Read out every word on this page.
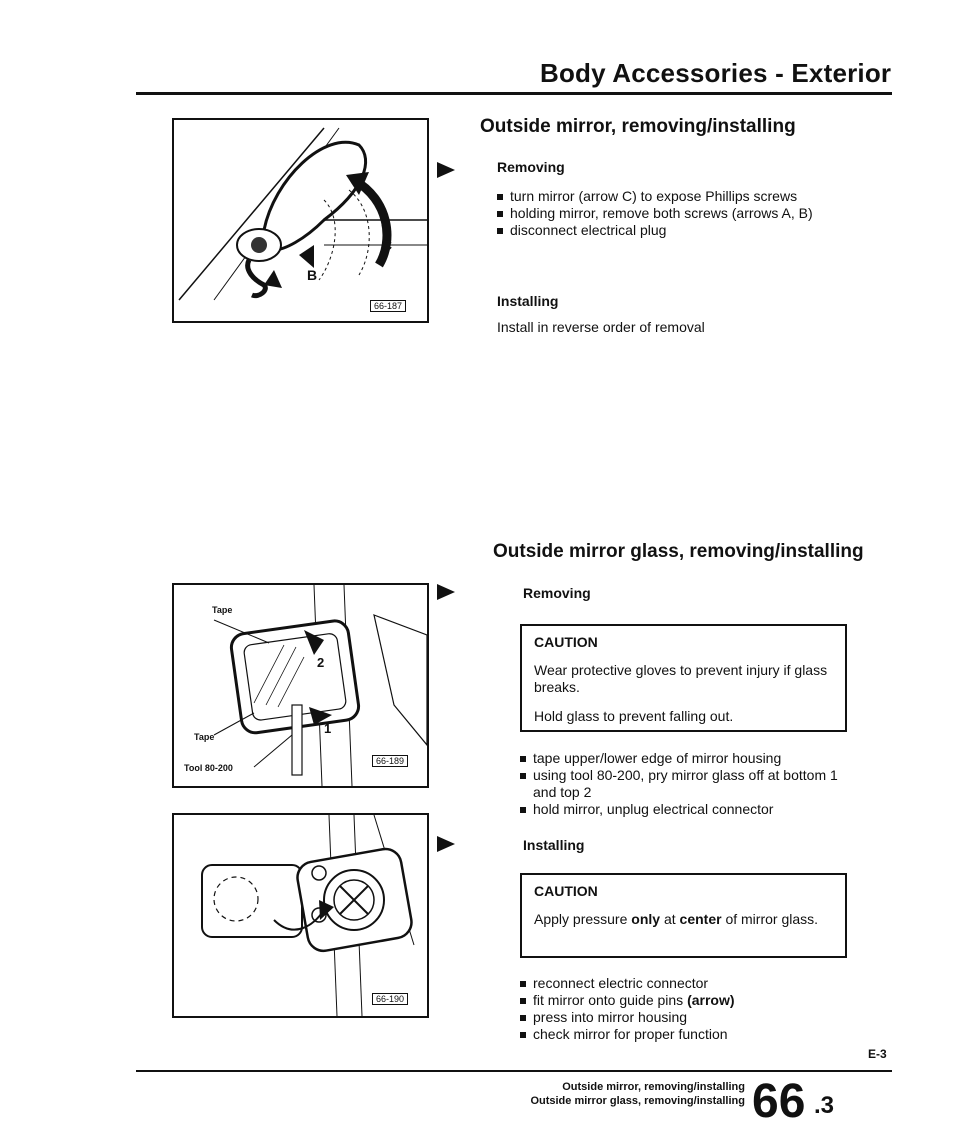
Body Accessories - Exterior
C
B
66-187
Outside mirror, removing/installing
Removing
turn mirror (arrow C) to expose Phillips screws
holding mirror, remove both screws (arrows A, B)
disconnect electrical plug
Installing
Install in reverse order of removal
Outside mirror glass, removing/installing
Tape
Tape
Tool 80-200
1
2
66-189
66-190
Removing
CAUTION

Wear protective gloves to prevent injury if glass breaks.

Hold glass to prevent falling out.

tape upper/lower edge of mirror housing
using tool 80-200, pry mirror glass off at bottom 1 and top 2
hold mirror, unplug electrical connector
Installing
CAUTION

Apply pressure only at center of mirror glass.

reconnect electric connector
fit mirror onto guide pins (arrow)
press into mirror housing
check mirror for proper function
E-3
Outside mirror, removing/installing
Outside mirror glass, removing/installing 66 .3
